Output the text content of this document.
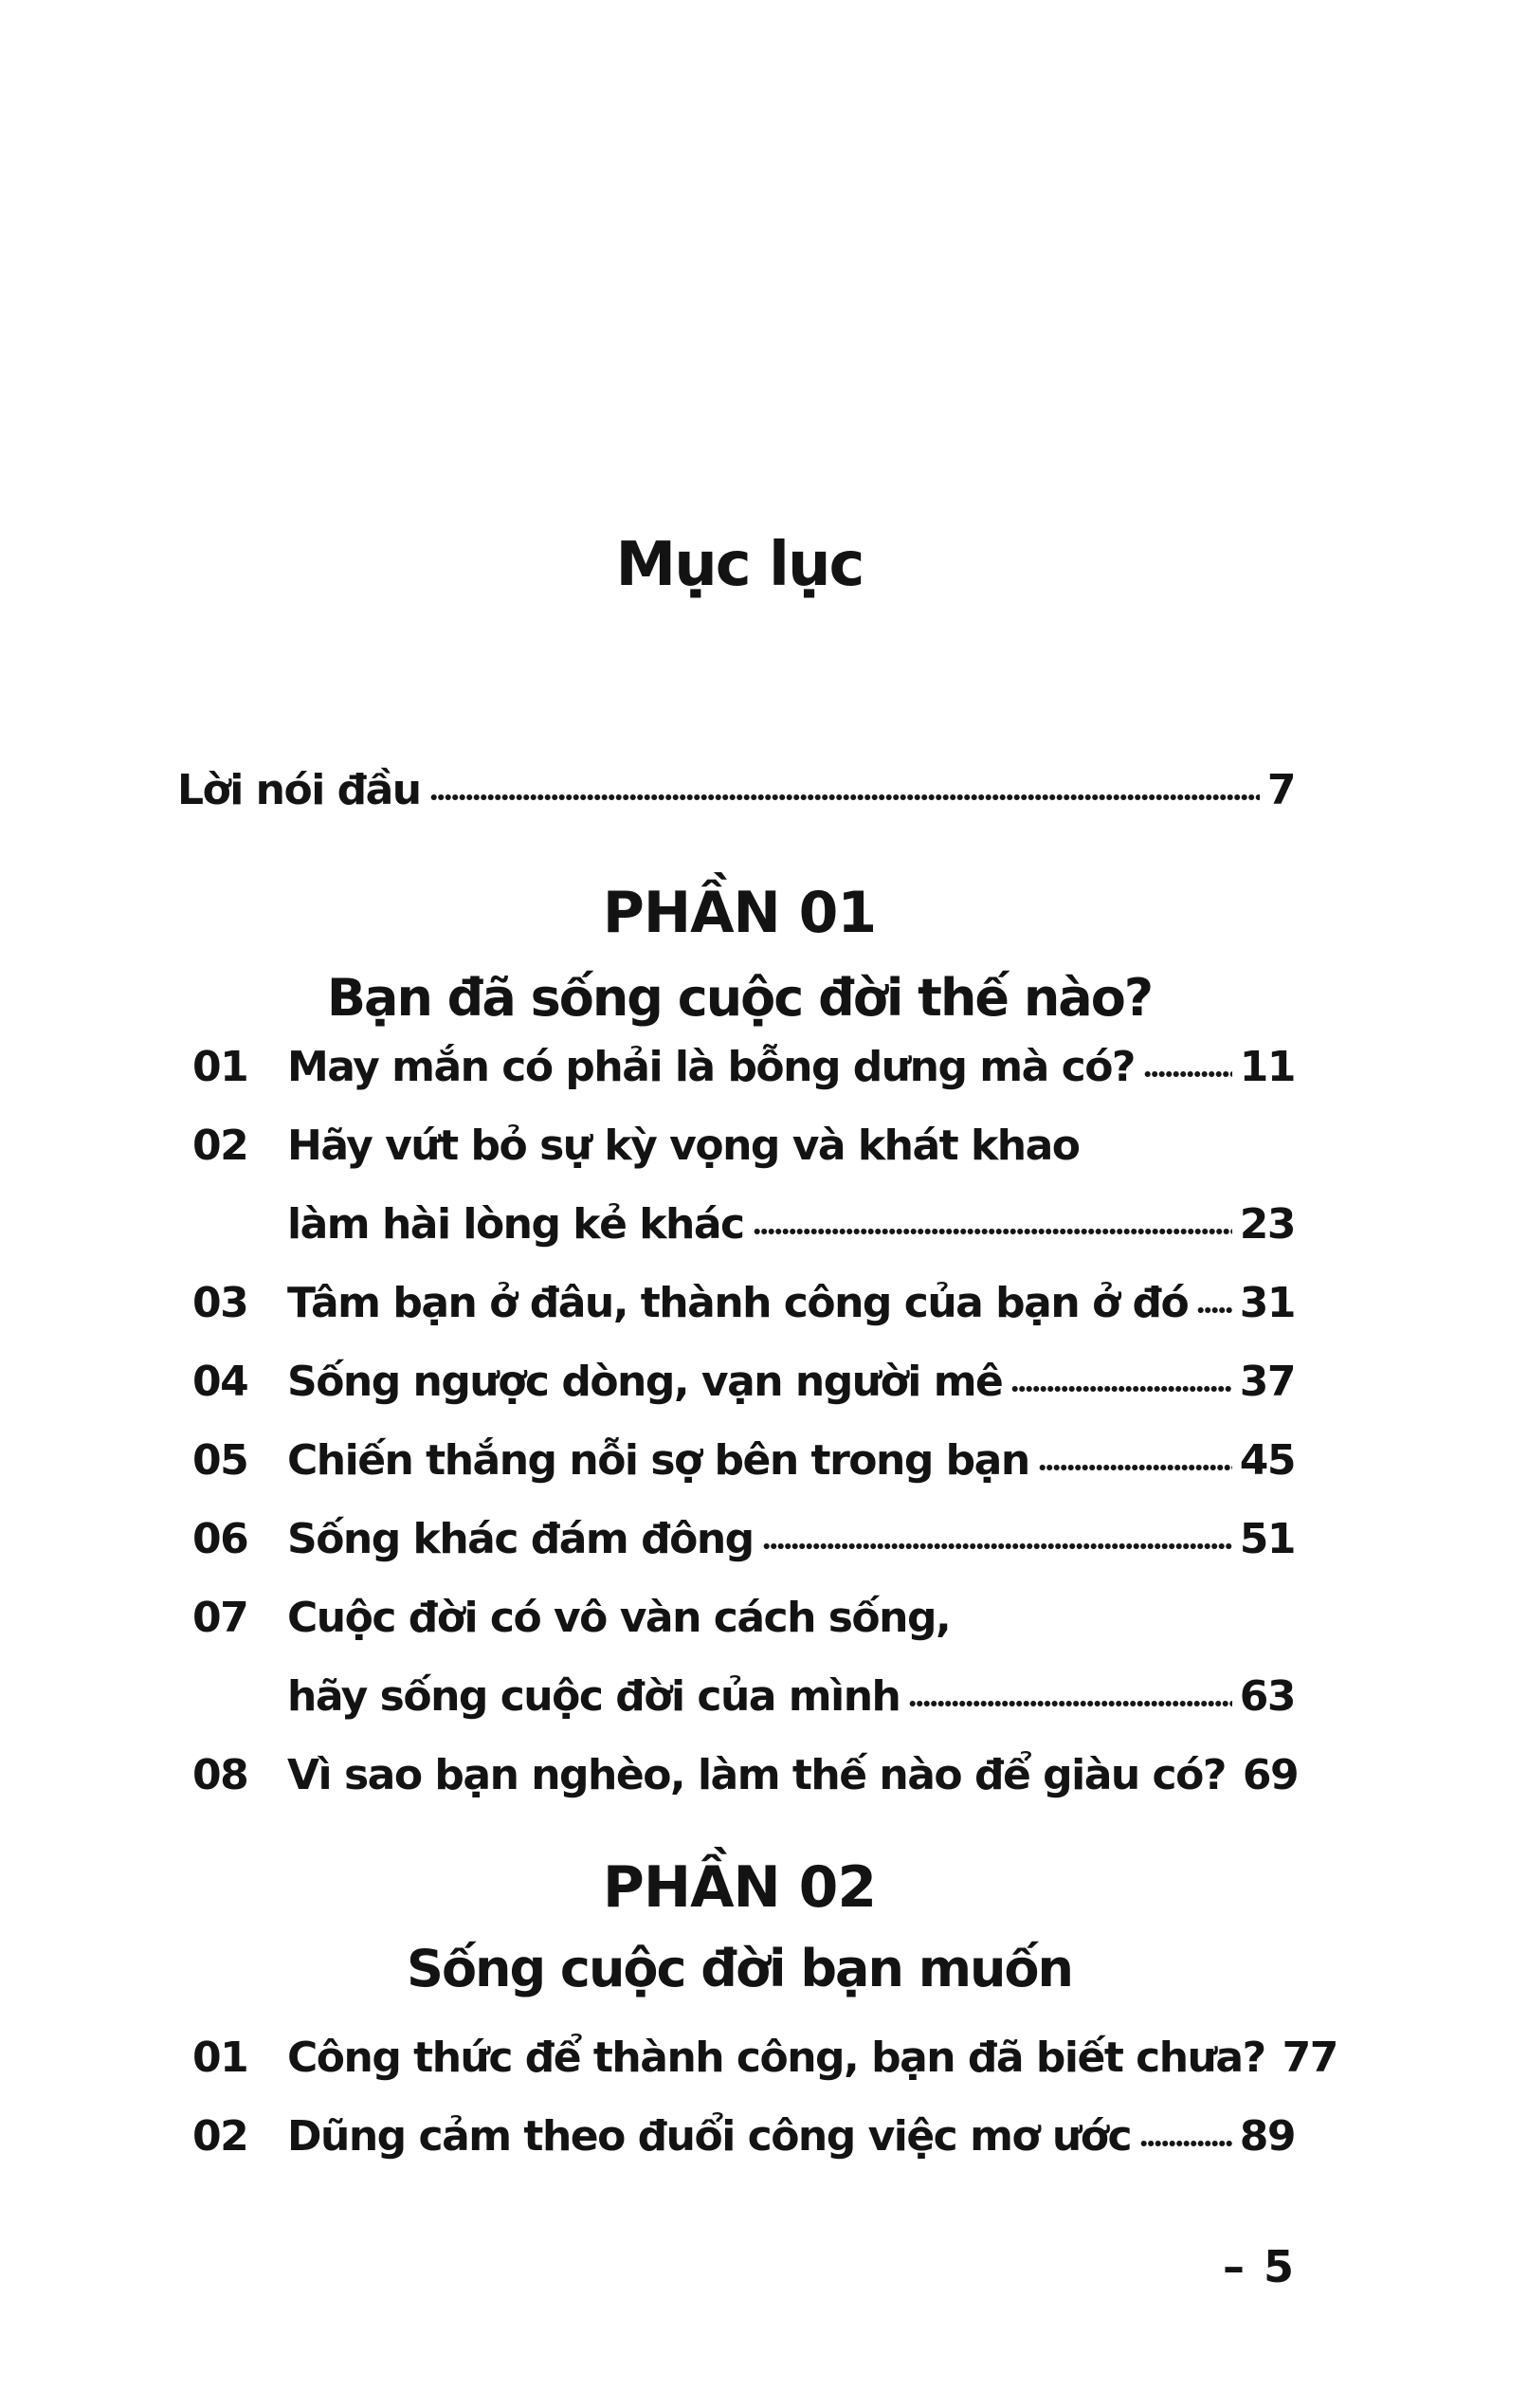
Mục lục
Lời nói đầu	7
PHẦN 01
Bạn đã sống cuộc đời thế nào?
01 May mắn có phải là bỗng dưng mà có?	11
02 Hãy vứt bỏ sự kỳ vọng và khát khao
làm hài lòng kẻ khác	23
03 Tâm bạn ở đâu, thành công của bạn ở đó 31
04 Sống ngược dòng, vạn người mê	37
05 Chiến thắng nỗi sợ bên trong bạn	45
06 Sống khác đám đông	51
07 Cuộc đời có vô vàn cách sống,
hãy sống cuộc đời của mình	63
08 Vì sao bạn nghèo, làm thế nào để giàu có? 69
PHẦN 02
Sống cuộc đời bạn muốn
01 Công thức để thành công, bạn đã biết chưa? 77
02 Dũng cảm theo đuổi công việc mơ ước	89
– 5
